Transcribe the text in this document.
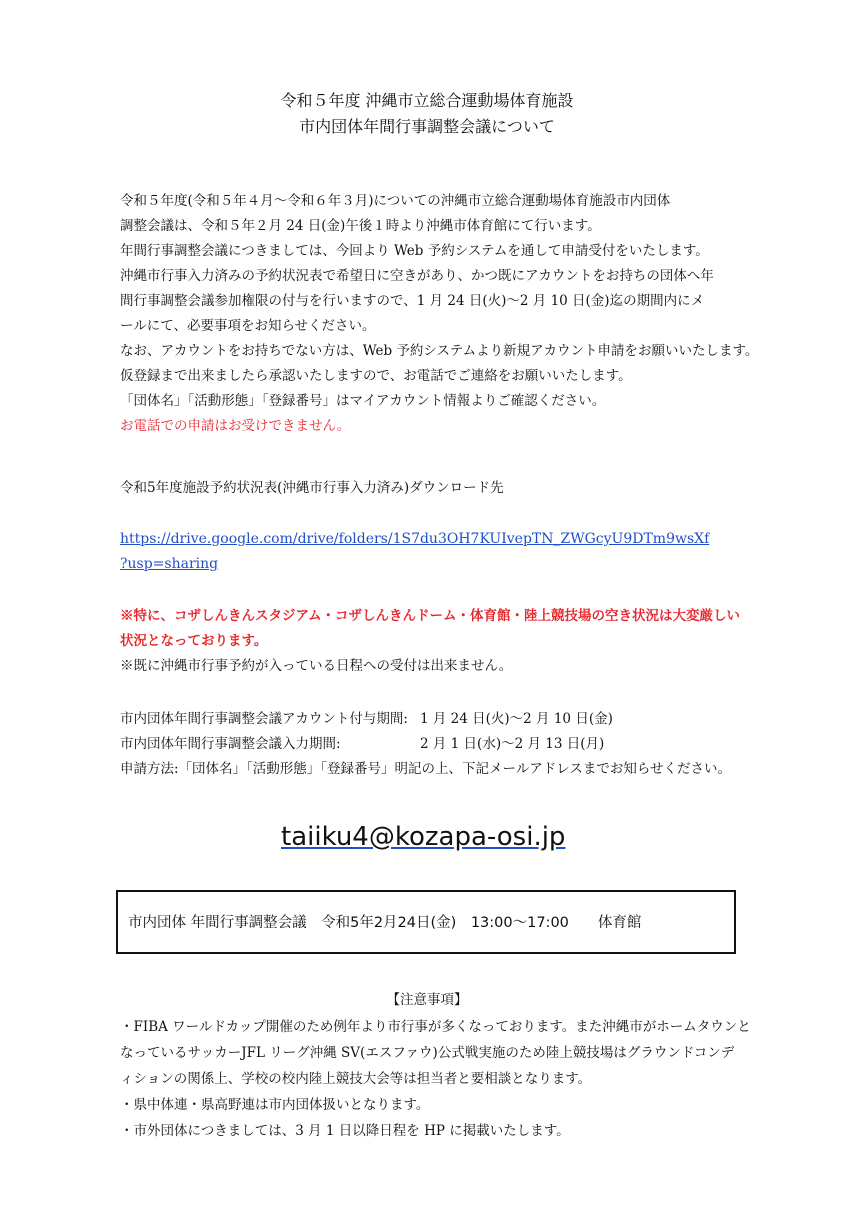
令和５年度 沖縄市立総合運動場体育施設
市内団体年間行事調整会議について
令和５年度(令和５年４月～令和６年３月)についての沖縄市立総合運動場体育施設市内団体
調整会議は、令和５年２月 24 日(金)午後１時より沖縄市体育館にて行います。
年間行事調整会議につきましては、今回より Web 予約システムを通して申請受付をいたします。
沖縄市行事入力済みの予約状況表で希望日に空きがあり、かつ既にアカウントをお持ちの団体へ年
間行事調整会議参加権限の付与を行いますので、1 月 24 日(火)～2 月 10 日(金)迄の期間内にメ
ールにて、必要事項をお知らせください。
なお、アカウントをお持ちでない方は、Web 予約システムより新規アカウント申請をお願いいたします。
仮登録まで出来ましたら承認いたしますので、お電話でご連絡をお願いいたします。
「団体名」「活動形態」「登録番号」はマイアカウント情報よりご確認ください。
お電話での申請はお受けできません。
令和5年度施設予約状況表(沖縄市行事入力済み)ダウンロード先
https://drive.google.com/drive/folders/1S7du3OH7KUIvepTN_ZWGcyU9DTm9wsXf
?usp=sharing
※特に、コザしんきんスタジアム・コザしんきんドーム・体育館・陸上競技場の空き状況は大変厳しい
状況となっております。
※既に沖縄市行事予約が入っている日程への受付は出来ません。
市内団体年間行事調整会議アカウント付与期間: 1 月 24 日(火)～2 月 10 日(金)
市内団体年間行事調整会議入力期間:	2 月 1 日(水)～2 月 13 日(月)
申請方法:「団体名」「活動形態」「登録番号」明記の上、下記メールアドレスまでお知らせください。
taiiku4@kozapa-osi.jp
市内団体 年間行事調整会議　令和5年2月24日(金)　13:00～17:00　　体育館
【注意事項】
・FIBA ワールドカップ開催のため例年より市行事が多くなっております。また沖縄市がホームタウンと
なっているサッカーJFL リーグ沖縄 SV(エスファウ)公式戦実施のため陸上競技場はグラウンドコンデ
ィションの関係上、学校の校内陸上競技大会等は担当者と要相談となります。
・県中体連・県高野連は市内団体扱いとなります。
・市外団体につきましては、3 月 1 日以降日程を HP に掲載いたします。
